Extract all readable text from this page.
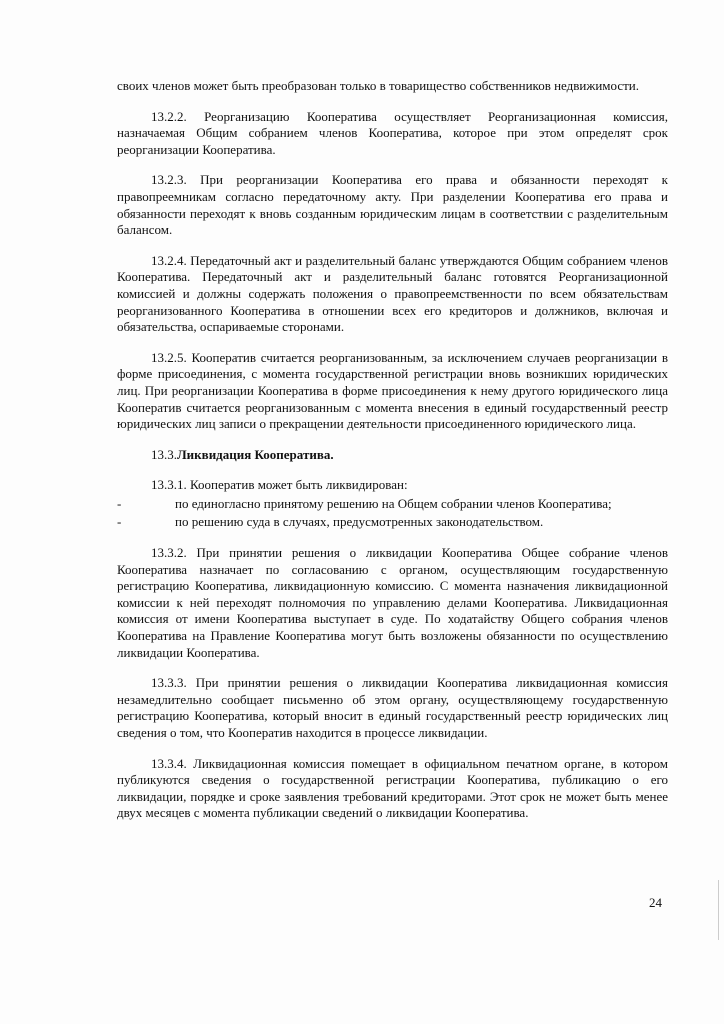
своих членов может быть преобразован только в товарищество собственников недвижимости.

13.2.2. Реорганизацию Кооператива осуществляет Реорганизационная комиссия, назначаемая Общим собранием членов Кооператива, которое при этом определят срок реорганизации Кооператива.

13.2.3. При реорганизации Кооператива его права и обязанности переходят к правопреемникам согласно передаточному акту. При разделении Кооператива его права и обязанности переходят к вновь созданным юридическим лицам в соответствии с разделительным балансом.

13.2.4. Передаточный акт и разделительный баланс утверждаются Общим собранием членов Кооператива. Передаточный акт и разделительный баланс готовятся Реорганизационной комиссией и должны содержать положения о правопреемственности по всем обязательствам реорганизованного Кооператива в отношении всех его кредиторов и должников, включая и обязательства, оспариваемые сторонами.

13.2.5. Кооператив считается реорганизованным, за исключением случаев реорганизации в форме присоединения, с момента государственной регистрации вновь возникших юридических лиц. При реорганизации Кооператива в форме присоединения к нему другого юридического лица Кооператив считается реорганизованным с момента внесения в единый государственный реестр юридических лиц записи о прекращении деятельности присоединенного юридического лица.

13.3.Ликвидация Кооператива.

13.3.1. Кооператив может быть ликвидирован:

-	по единогласно принятому решению на Общем собрании членов Кооператива;
-	по решению суда в случаях, предусмотренных законодательством.

13.3.2. При принятии решения о ликвидации Кооператива Общее собрание членов Кооператива назначает по согласованию с органом, осуществляющим государственную регистрацию Кооператива, ликвидационную комиссию. С момента назначения ликвидационной комиссии к ней переходят полномочия по управлению делами Кооператива. Ликвидационная комиссия от имени Кооператива выступает в суде. По ходатайству Общего собрания членов Кооператива на Правление Кооператива могут быть возложены обязанности по осуществлению ликвидации Кооператива.

13.3.3. При принятии решения о ликвидации Кооператива ликвидационная комиссия незамедлительно сообщает письменно об этом органу, осуществляющему государственную регистрацию Кооператива, который вносит в единый государственный реестр юридических лиц сведения о том, что Кооператив находится в процессе ликвидации.

13.3.4. Ликвидационная комиссия помещает в официальном печатном органе, в котором публикуются сведения о государственной регистрации Кооператива, публикацию о его ликвидации, порядке и сроке заявления требований кредиторами. Этот срок не может быть менее двух месяцев с момента публикации сведений о ликвидации Кооператива.

24
